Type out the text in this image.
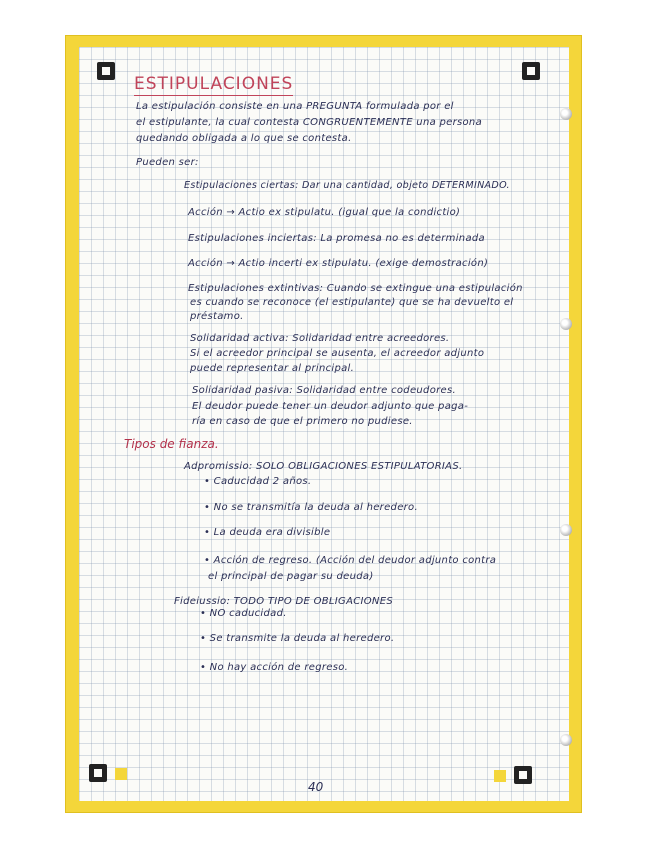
ESTIPULACIONES

La estipulación consiste en una PREGUNTA formulada por el

el estipulante, la cual contesta CONGRUENTEMENTE una persona

quedando obligada a lo que se contesta.

Pueden ser:

Estipulaciones ciertas: Dar una cantidad, objeto DETERMINADO.

Acción → Actio ex stipulatu. (igual que la condictio)

Estipulaciones inciertas: La promesa no es determinada

Acción → Actio incerti ex stipulatu. (exige demostración)

Estipulaciones extintivas: Cuando se extingue una estipulación

es cuando se reconoce (el estipulante) que se ha devuelto el

préstamo.

Solidaridad activa: Solidaridad entre acreedores.

Si el acreedor principal se ausenta, el acreedor adjunto

puede representar al principal.

Solidaridad pasiva: Solidaridad entre codeudores.

El deudor puede tener un deudor adjunto que paga-

ría en caso de que el primero no pudiese.

Tipos de fianza.

Adpromissio: SOLO OBLIGACIONES ESTIPULATORIAS.

• Caducidad 2 años.

• No se transmitía la deuda al heredero.

• La deuda era divisible

• Acción de regreso. (Acción del deudor adjunto contra

el principal de pagar su deuda)

Fideiussio: TODO TIPO DE OBLIGACIONES

• NO caducidad.

• Se transmite la deuda al heredero.

• No hay acción de regreso.

40
